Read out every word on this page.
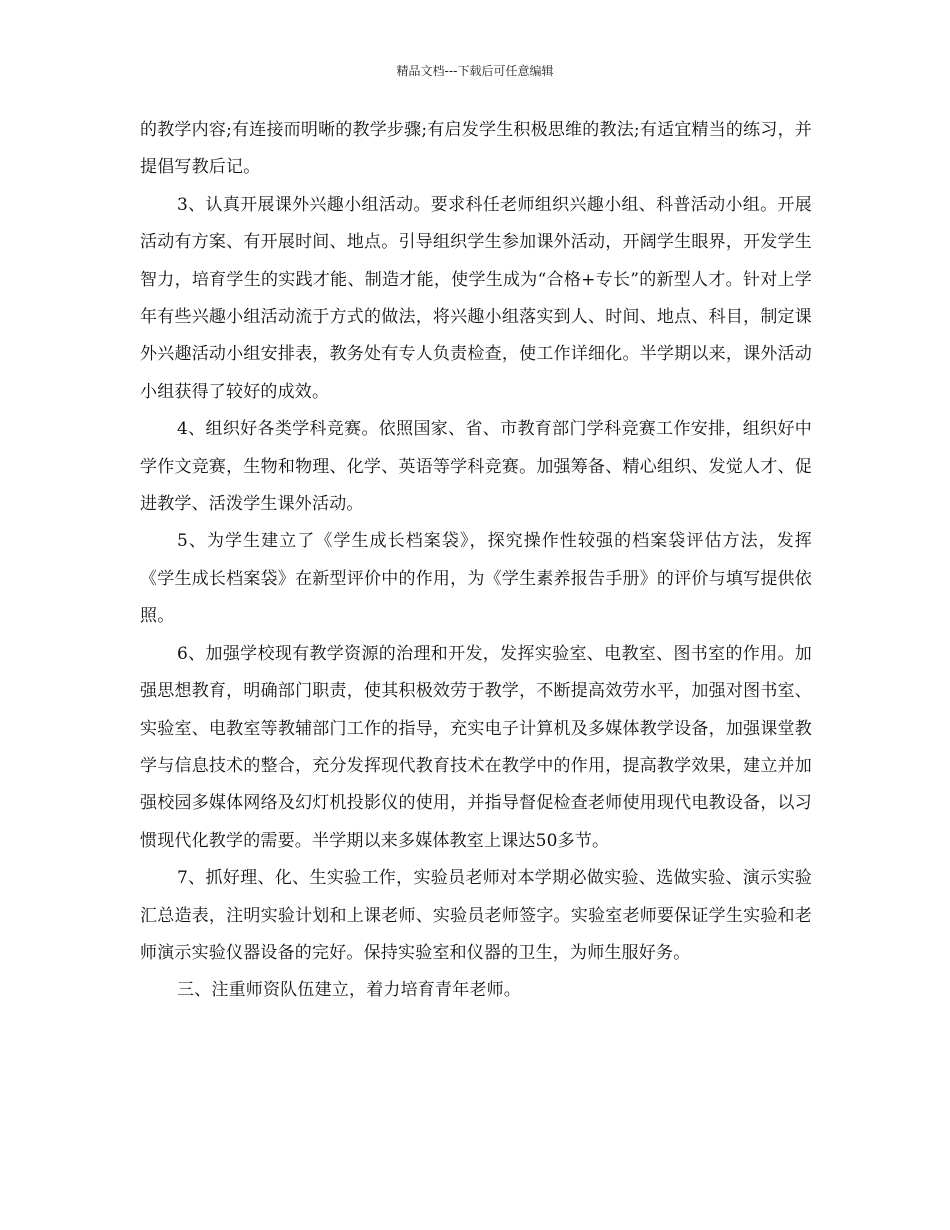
精品文档---下载后可任意编辑

的教学内容;有连接而明晰的教学步骤;有启发学生积极思维的教法;有适宜精当的练习，并提倡写教后记。

3、认真开展课外兴趣小组活动。要求科任老师组织兴趣小组、科普活动小组。开展活动有方案、有开展时间、地点。引导组织学生参加课外活动，开阔学生眼界，开发学生智力，培育学生的实践才能、制造才能，使学生成为“合格+专长”的新型人才。针对上学年有些兴趣小组活动流于方式的做法，将兴趣小组落实到人、时间、地点、科目，制定课外兴趣活动小组安排表，教务处有专人负责检查，使工作详细化。半学期以来，课外活动小组获得了较好的成效。

4、组织好各类学科竞赛。依照国家、省、市教育部门学科竞赛工作安排，组织好中学作文竞赛，生物和物理、化学、英语等学科竞赛。加强筹备、精心组织、发觉人才、促进教学、活泼学生课外活动。

5、为学生建立了《学生成长档案袋》，探究操作性较强的档案袋评估方法，发挥《学生成长档案袋》在新型评价中的作用，为《学生素养报告手册》的评价与填写提供依照。

6、加强学校现有教学资源的治理和开发，发挥实验室、电教室、图书室的作用。加强思想教育，明确部门职责，使其积极效劳于教学，不断提高效劳水平，加强对图书室、实验室、电教室等教辅部门工作的指导，充实电子计算机及多媒体教学设备，加强课堂教学与信息技术的整合，充分发挥现代教育技术在教学中的作用，提高教学效果，建立并加强校园多媒体网络及幻灯机投影仪的使用，并指导督促检查老师使用现代电教设备，以习惯现代化教学的需要。半学期以来多媒体教室上课达50多节。

7、抓好理、化、生实验工作，实验员老师对本学期必做实验、选做实验、演示实验汇总造表，注明实验计划和上课老师、实验员老师签字。实验室老师要保证学生实验和老师演示实验仪器设备的完好。保持实验室和仪器的卫生，为师生服好务。

三、注重师资队伍建立，着力培育青年老师。
